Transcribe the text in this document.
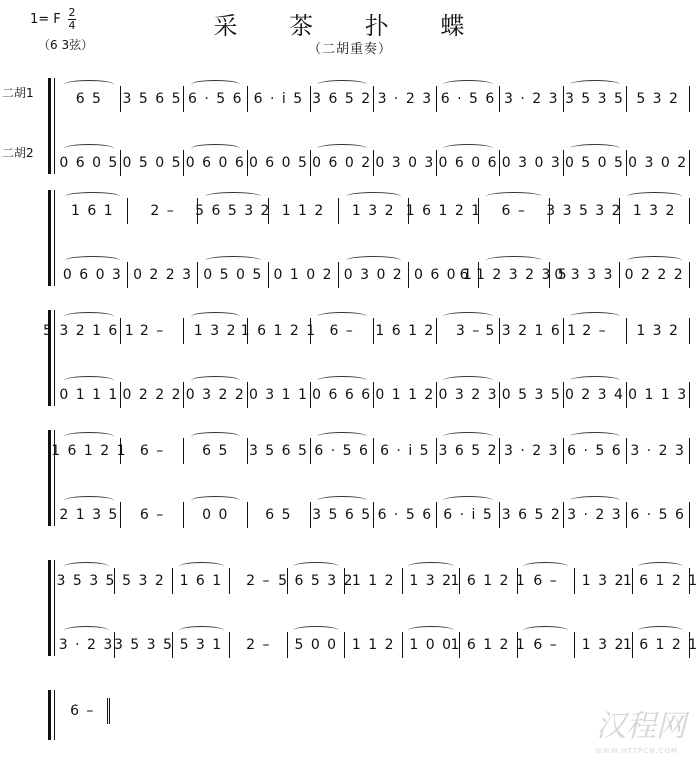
1= F 2
4
（6 3弦）
采 茶 扑 蝶
（二胡重奏）
二胡1
二胡2
6 5 3 5 6 5 6 · 5 6 6 · i 5 3 6 5 2 3 · 2 3 6 · 5 6 3 · 2 3 3 5 3 5 5 3 2
0 6 0 5 0 5 0 5 0 6 0 6 0 6 0 5 0 6 0 2 0 3 0 3 0 6 0 6 0 3 0 3 0 5 0 5 0 3 0 2
1 6 1	2 – 5 6 5 3 2 1 1 2 1 3 2 1 6 1 2 1 6 – 3 3 5 3 2 1 3 2
0 6 0 3 0 2 2 3 0 5 0 5 0 1 0 2 0 3 0 2 0 6 0 1
6 1 2 3 2 3 5
0 3 3 3 0 2 2 2
5 3 2 1 6 1 2 – 1 3 2 1 6 1 2 1 6 – 1 6 1 2 3 – 5 3 2 1 6 1 2 – 1 3 2
0 1 1 1 0 2 2 2 0 3 2 2 0 3 1 1 0 6 6 6 0 1 1 2 0 3 2 3 0 5 3 5 0 2 3 4 0 1 1 3
1 6 1 2 1 6 –	6 5 3 5 6 5 6 · 5 6 6 · i 5 3 6 5 2 3 · 2 3 6 · 5 6 3 · 2 3
2 1 3 5 6 –	0 0	6 5 3 5 6 5 6 · 5 6 6 · i 5 3 6 5 2 3 · 2 3 6 · 5 6
3 5 3 5 5 3 2 1 6 1 2 – 5 6 5 3 2
1 1 2 1 3 2
1 6 1 2 1 6 – 1 3 2
1 6 1 2 1
3 · 2 3 3 5 3 5 5 3 1 2 – 5 0 0 1 1 2 1 0 0
1 6 1 2 1 6 – 1 3 2
1 6 1 2 1
6 –	汉程网
WWW.HTTPCN.COM
